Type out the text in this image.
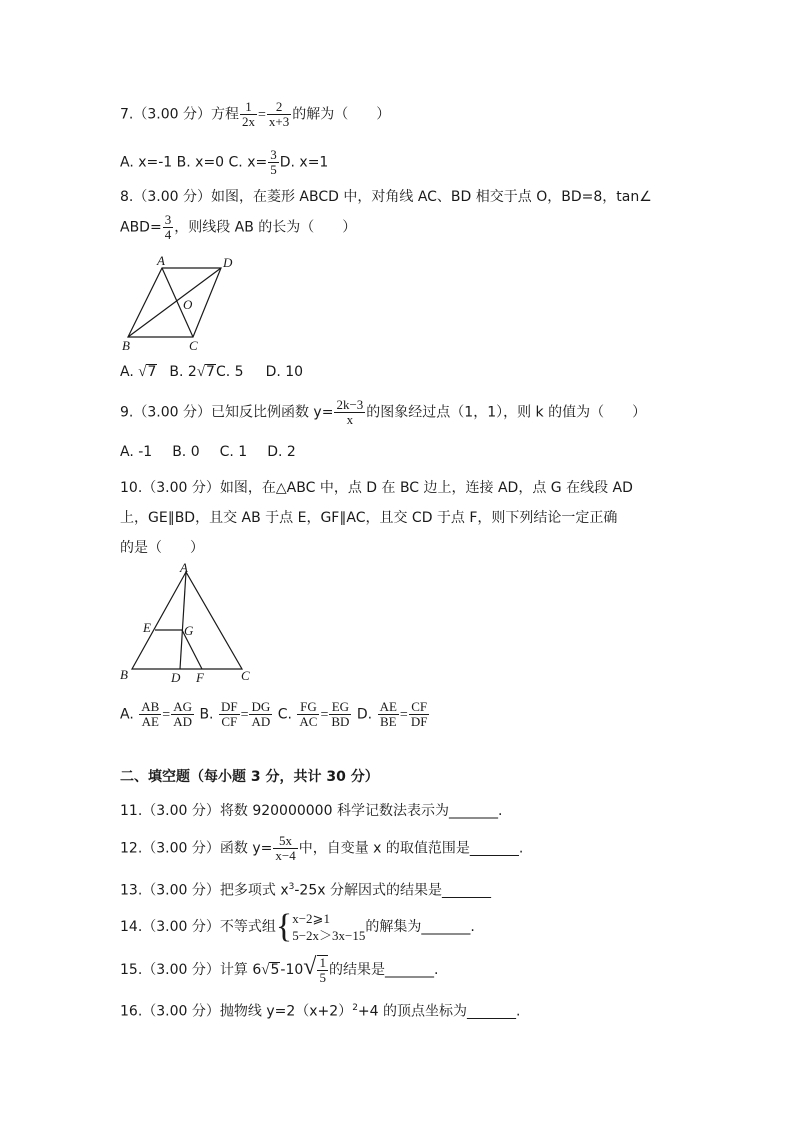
7.（3.00 分）方程 $\frac{1}{2x} = \frac{2}{x+3}$ 的解为（　　）
A. x=-1 B. x=0 C. $x= \frac{3}{5} D$. x=1
8.（3.00 分）如图，在菱形 ABCD 中，对角线 AC、BD 相交于点 O，BD=8，tan∠
$ABD= \frac{3}{4}$ ，则线段 AB 的长为（　　）
A	D
O
B	C
A. √7 B. 2√7C. 5 D. 10
9.（3.00 分）已知反比例函数 $y= \frac{2k-3}{x}$ 的图象经过点（1，1），则 k 的值为（　　）
A. -1 B. 0 C. 1 D. 2
10.（3.00 分）如图，在△ABC 中，点 D 在 BC 边上，连接 AD，点 G 在线段 AD
上，GE∥BD，且交 AB 于点 E，GF∥AC，且交 CD 于点 F，则下列结论一定正确
的是（　　）
A
E	G
B	D F	C
A. $\frac{AB}{AE} = \frac{AG}{AD} B$. $\frac{DF}{CF} = \frac{DG}{AD} C$. $\frac{FG}{AC} = \frac{EG}{BD} D$. $\frac{AE}{BE} = \frac{CF}{DF}$
二、填空题（每小题 3 分，共计 30 分）
11.（3.00 分）将数 920000000 科学记数法表示为_______.
12.（3.00 分）函数 $y= \frac{5x}{x-4}$ 中，自变量 x 的取值范围是_______.
13.（3.00 分）把多项式 $x^3-25x$ 分解因式的结果是_______
14.（3.00 分）不等式组{ x−2⩾1
5−2x＞3x−15
的解集为_______.
15.（3.00 分）计算 $6√5-10√ \frac{1}{5}$ 的结果是_______.
16.（3.00 分）抛物线 $y=2(x+2)^2+4$ 的顶点坐标为_______.
